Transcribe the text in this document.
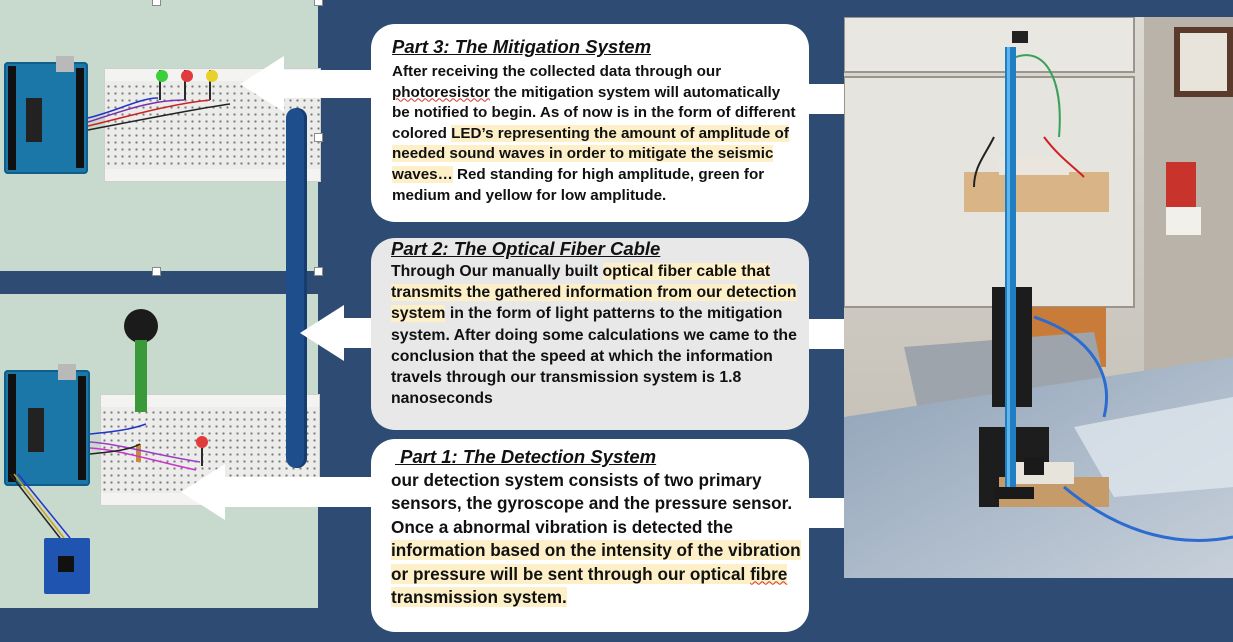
Part 3: The Mitigation System

After receiving the collected data through our photoresistor the mitigation system will automatically be notified to begin. As of now is in the form of different colored LED’s representing the amount of amplitude of needed sound waves in order to mitigate the seismic waves… Red standing for high amplitude, green for medium and yellow for low amplitude.

Part 2: The Optical Fiber Cable

Through Our manually built optical fiber cable that transmits the gathered information from our detection system in the form of light patterns to the mitigation system. After doing some calculations we came to the conclusion that the speed at which the information travels through our transmission system is 1.8 nanoseconds

Part 1: The Detection System

our detection system consists of two primary sensors, the gyroscope and the pressure sensor. Once a abnormal vibration is detected the information based on the intensity of the vibration or pressure will be sent through our optical fibre transmission system.
